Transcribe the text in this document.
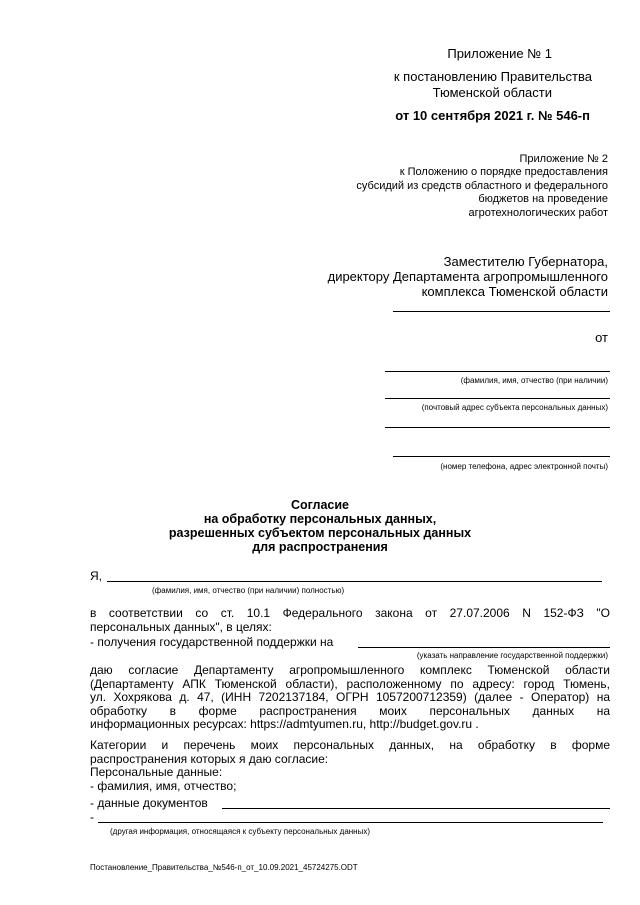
Приложение № 1
к постановлению Правительства
Тюменской области
от 10 сентября 2021 г. № 546-п
Приложение № 2
к Положению о порядке предоставления
субсидий из средств областного и федерального
бюджетов на проведение
агротехнологических работ
Заместителю Губернатора,
директору Департамента агропромышленного
комплекса Тюменской области
от
(фамилия, имя, отчество (при наличии)
(почтовый адрес субъекта персональных данных)
(номер телефона, адрес электронной почты)
Согласие
на обработку персональных данных,
разрешенных субъектом персональных данных
для распространения
Я,
(фамилия, имя, отчество (при наличии) полностью)
в соответствии со ст. 10.1 Федерального закона от 27.07.2006 N 152-ФЗ "О
персональных данных", в целях:
- получения государственной поддержки на
(указать направление государственной поддержки)
даю согласие Департаменту агропромышленного комплекс Тюменской области
(Департаменту АПК Тюменской области), расположенному по адресу: город Тюмень,
ул. Хохрякова д. 47, (ИНН 7202137184, ОГРН 1057200712359) (далее - Оператор) на
обработку в форме распространения моих персональных данных на
информационных ресурсах: https://admtyumen.ru, http://budget.gov.ru .
Категории и перечень моих персональных данных, на обработку в форме
распространения которых я даю согласие:
Персональные данные:
- фамилия, имя, отчество;
- данные документов
-
(другая информация, относящаяся к субъекту персональных данных)
Постановление_Правительства_№546-п_от_10.09.2021_45724275.ODT
